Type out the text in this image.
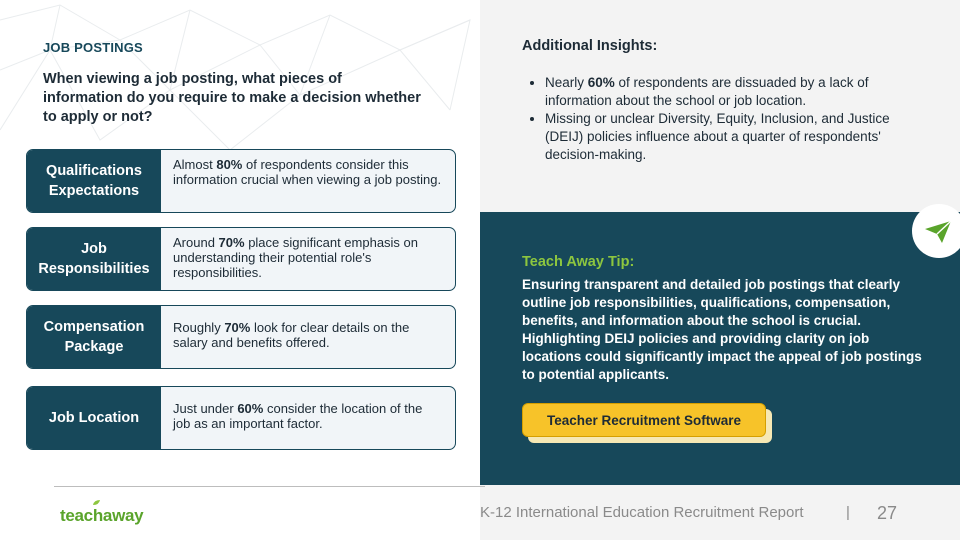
JOB POSTINGS
When viewing a job posting, what pieces of information do you require to make a decision whether to apply or not?
Qualifications Expectations
Almost 80% of respondents consider this information crucial when viewing a job posting.
Job Responsibilities
Around 70% place significant emphasis on understanding their potential role's responsibilities.
Compensation Package
Roughly 70% look for clear details on the salary and benefits offered.
Job Location
Just under 60% consider the location of the job as an important factor.
Additional Insights:
• Nearly 60% of respondents are dissuaded by a lack of information about the school or job location.
• Missing or unclear Diversity, Equity, Inclusion, and Justice (DEIJ) policies influence about a quarter of respondents' decision-making.
Teach Away Tip:
Ensuring transparent and detailed job postings that clearly outline job responsibilities, qualifications, compensation, benefits, and information about the school is crucial. Highlighting DEIJ policies and providing clarity on job locations could significantly impact the appeal of job postings to potential applicants.
Teacher Recruitment Software
teachaway	K-12 International Education Recruitment Report	| 27
